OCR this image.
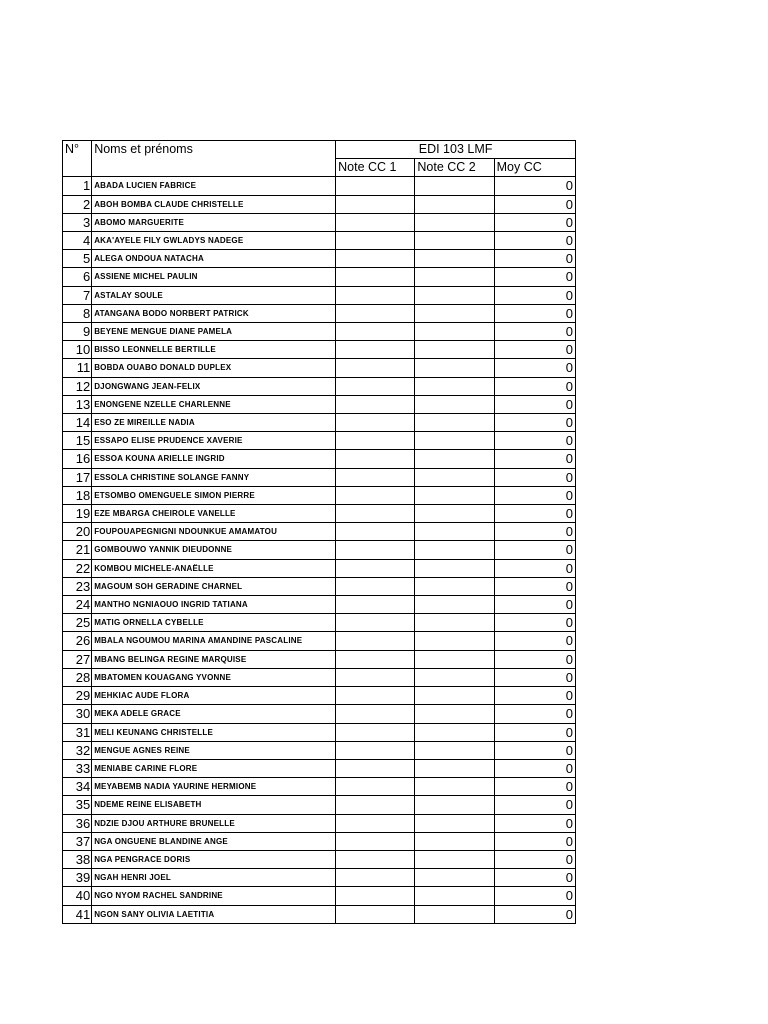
N°	Noms et prénoms	EDI 103 LMF		
		Note CC 1	Note CC 2	Moy CC
1	ABADA LUCIEN FABRICE			0
2	ABOH BOMBA CLAUDE CHRISTELLE			0
3	ABOMO MARGUERITE			0
4	AKA'AYELE FILY GWLADYS NADEGE			0
5	ALEGA ONDOUA NATACHA			0
6	ASSIENE MICHEL PAULIN			0
7	ASTALAY SOULE			0
8	ATANGANA BODO NORBERT PATRICK			0
9	BEYENE MENGUE DIANE PAMELA			0
10	BISSO LEONNELLE BERTILLE			0
11	BOBDA OUABO DONALD DUPLEX			0
12	DJONGWANG JEAN-FELIX			0
13	ENONGENE NZELLE CHARLENNE			0
14	ESO ZE MIREILLE NADIA			0
15	ESSAPO ELISE PRUDENCE XAVERIE			0
16	ESSOA KOUNA ARIELLE INGRID			0
17	ESSOLA CHRISTINE SOLANGE FANNY			0
18	ETSOMBO OMENGUELE SIMON PIERRE			0
19	EZE MBARGA CHEIROLE VANELLE			0
20	FOUPOUAPEGNIGNI NDOUNKUE AMAMATOU			0
21	GOMBOUWO YANNIK DIEUDONNE			0
22	KOMBOU MICHELE-ANAËLLE			0
23	MAGOUM SOH GERADINE CHARNEL			0
24	MANTHO NGNIAOUO INGRID TATIANA			0
25	MATIG ORNELLA CYBELLE			0
26	MBALA NGOUMOU MARINA AMANDINE PASCALINE			0
27	MBANG BELINGA REGINE MARQUISE			0
28	MBATOMEN KOUAGANG YVONNE			0
29	MEHKIAC AUDE FLORA			0
30	MEKA ADELE GRACE			0
31	MELI KEUNANG CHRISTELLE			0
32	MENGUE AGNES REINE			0
33	MENIABE CARINE FLORE			0
34	MEYABEMB NADIA YAURINE HERMIONE			0
35	NDEME REINE ELISABETH			0
36	NDZIE DJOU ARTHURE BRUNELLE			0
37	NGA ONGUENE BLANDINE ANGE			0
38	NGA PENGRACE DORIS			0
39	NGAH HENRI JOEL			0
40	NGO NYOM RACHEL SANDRINE			0
41	NGON SANY OLIVIA LAETITIA			0
